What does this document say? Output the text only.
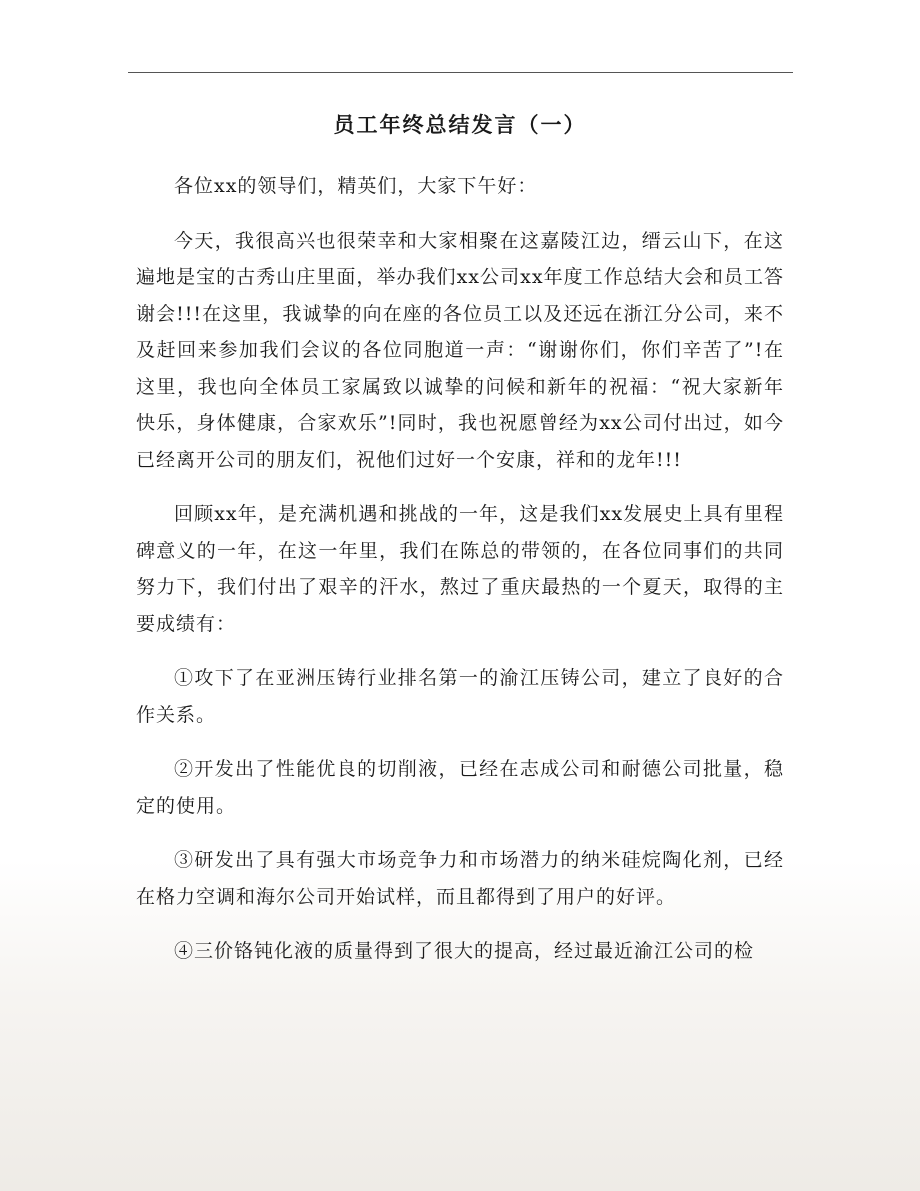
员工年终总结发言（一）

各位xx的领导们，精英们，大家下午好：

今天，我很高兴也很荣幸和大家相聚在这嘉陵江边，缙云山下，在这遍地是宝的古秀山庄里面，举办我们xx公司xx年度工作总结大会和员工答谢会!!!在这里，我诚挚的向在座的各位员工以及还远在浙江分公司，来不及赶回来参加我们会议的各位同胞道一声：“谢谢你们，你们辛苦了”!在这里，我也向全体员工家属致以诚挚的问候和新年的祝福：“祝大家新年快乐，身体健康，合家欢乐”!同时，我也祝愿曾经为xx公司付出过，如今已经离开公司的朋友们，祝他们过好一个安康，祥和的龙年!!!

回顾xx年，是充满机遇和挑战的一年，这是我们xx发展史上具有里程碑意义的一年，在这一年里，我们在陈总的带领的，在各位同事们的共同努力下，我们付出了艰辛的汗水，熬过了重庆最热的一个夏天，取得的主要成绩有：

①攻下了在亚洲压铸行业排名第一的渝江压铸公司，建立了良好的合作关系。

②开发出了性能优良的切削液，已经在志成公司和耐德公司批量，稳定的使用。

③研发出了具有强大市场竞争力和市场潜力的纳米硅烷陶化剂，已经在格力空调和海尔公司开始试样，而且都得到了用户的好评。

④三价铬钝化液的质量得到了很大的提高，经过最近渝江公司的检
